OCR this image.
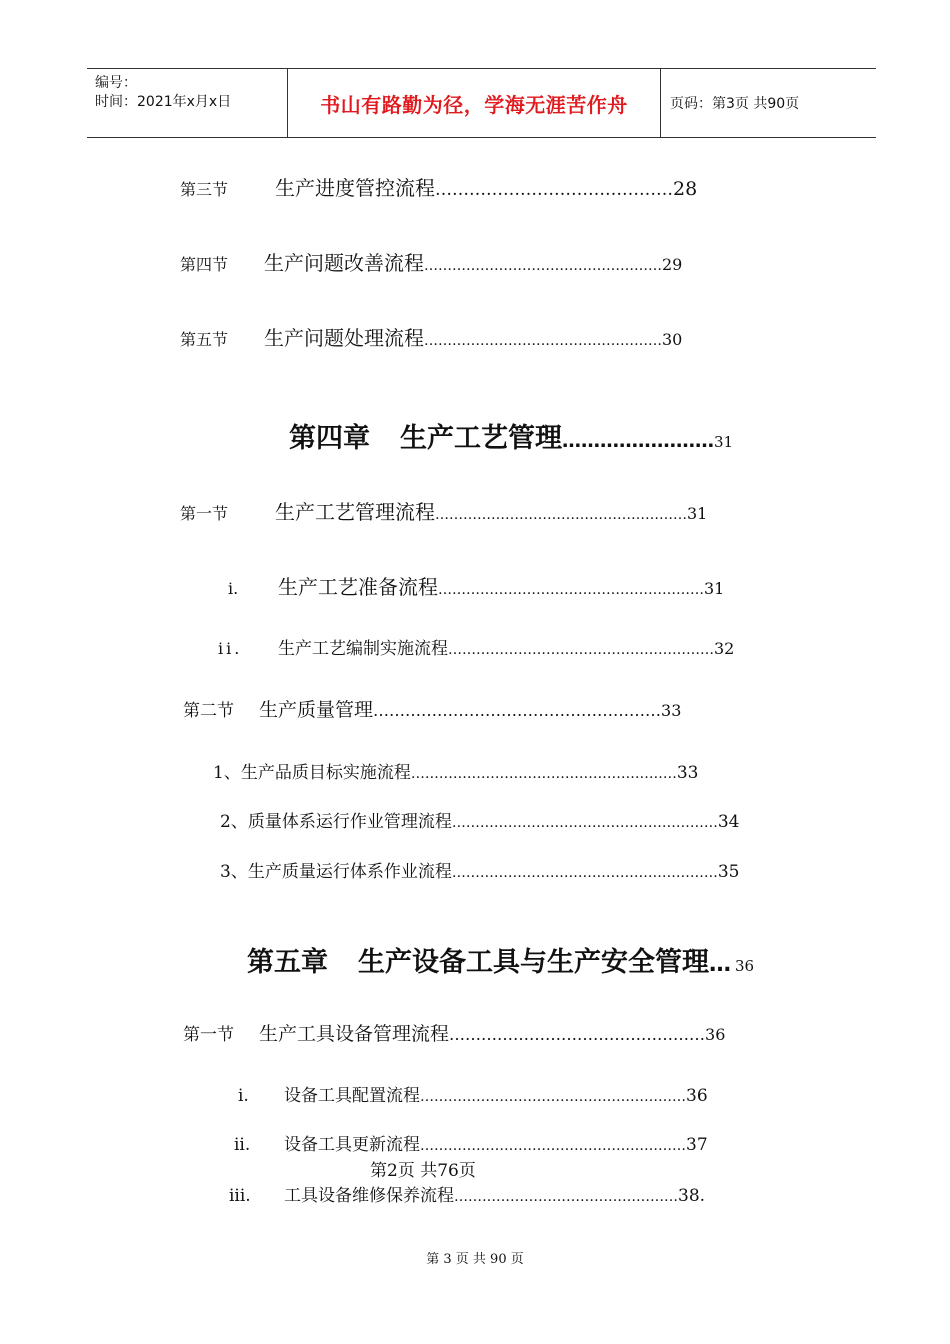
编号：
时间：2021年x月x日	书山有路勤为径，学海无涯苦作舟	页码：第3页 共90页
第三节	生产进度管控流程 …………………………………… 28
第四节	生产问题改善流程 …………………………………………… 29
第五节	生产问题处理流程 …………………………………………… 30
第四章 生产工艺管理 …………………… 31
第一节	生产工艺管理流程 ……………………………………………… 31
i.	生产工艺准备流程 ………………………………………………… 31
ii.	生产工艺编制实施流程 ………………………………………………… 32
第二节	生产质量管理 ……………………………………………… 33
1、 生产品质目标实施流程 ………………………………………………… 33
2、 质量体系运行作业管理流程 ………………………………………………… 34
3、 生产质量运行体系作业流程 ………………………………………………… 35
第五章 生产设备工具与生产安全管理 … 36
第一节	生产工具设备管理流程 ………………………………………… 36
i.	设备工具配置流程 ………………………………………………… 36
ii.	设备工具更新流程 ………………………………………………… 37
第2页 共76页
iii.	工具设备维修保养流程 ………………………………………… 38.
第 3 页 共 90 页
